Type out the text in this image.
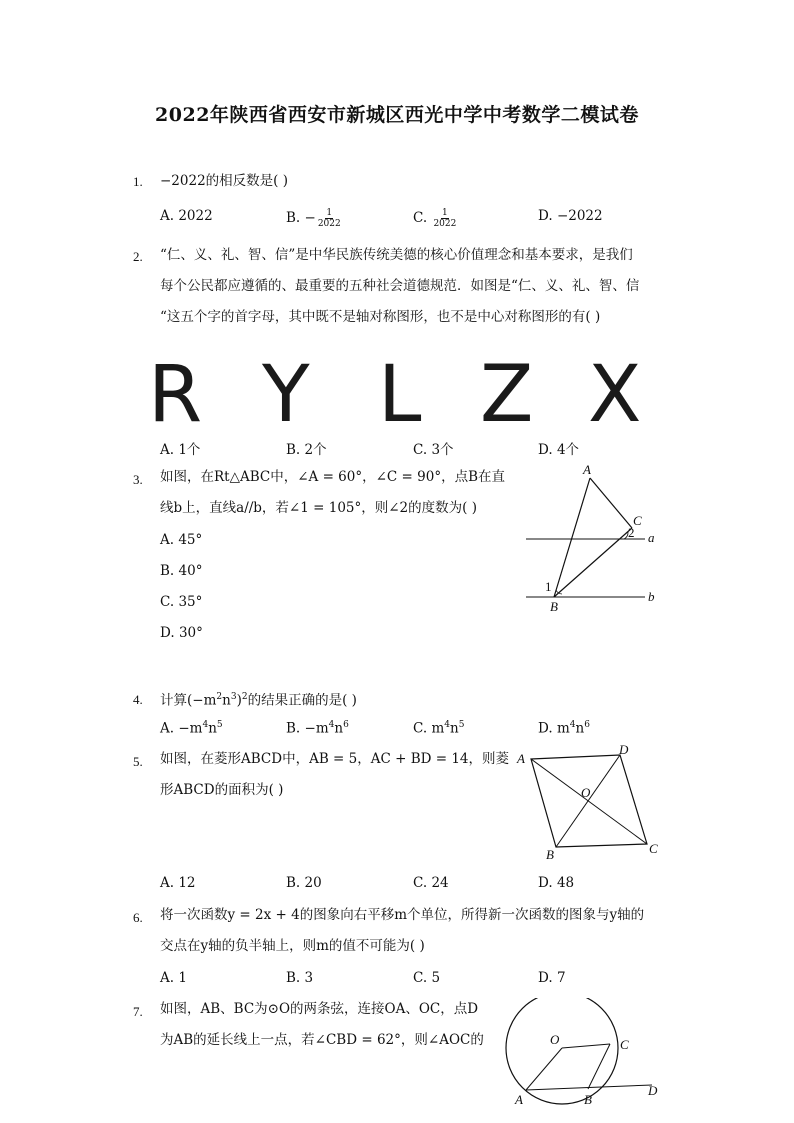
2022年陕西省西安市新城区西光中学中考数学二模试卷
1. −2022的相反数是( )
A. 2022	B. − $\frac{1}{2022}$	C. $\frac{1}{2022}$	D. −2022
2. “仁、义、礼、智、信”是中华民族传统美德的核心价值理念和基本要求，是我们
每个公民都应遵循的、最重要的五种社会道德规范．如图是“仁、义、礼、智、信
“这五个字的首字母，其中既不是轴对称图形，也不是中心对称图形的有( )
R Y L Z X
A. 1个	B. 2个	C. 3个	D. 4个
3. 如图，在Rt△ABC中，∠A = 60°，∠C = 90°，点B在直
线b上，直线a//b，若∠1 = 105°，则∠2的度数为( )
A. 45°
B. 40°
C. 35°
D. 30°
A
C
B
1
2 a
b
4. 计算$(-m^2n^3)^2$的结果正确的是( )
A. $-m^4n^5$	B. $-m^4n^6$	C. $m^4n^5$	D. $m^4n^6$
5. 如图，在菱形ABCD中，AB = 5，AC + BD = 14，则菱
形ABCD的面积为( )
A
D
C
B
O
A. 12	B. 20	C. 24	D. 48
6. 将一次函数y = 2x + 4的图象向右平移m个单位，所得新一次函数的图象与y轴的
交点在y轴的负半轴上，则m的值不可能为( )
A. 1	B. 3	C. 5	D. 7
7. 如图，AB、BC为⊙O的两条弦，连接OA、OC，点D
为AB的延长线上一点，若∠CBD = 62°，则∠AOC的	O	C
A	B
D
